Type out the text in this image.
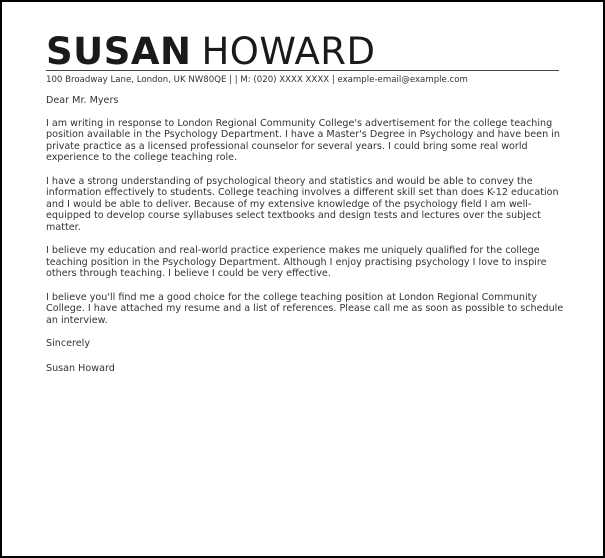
SUSAN HOWARD
100 Broadway Lane, London, UK NW80QE | | M: (020) XXXX XXXX | example-email@example.com

Dear Mr. Myers

I am writing in response to London Regional Community College's advertisement for the college teaching position available in the Psychology Department. I have a Master's Degree in Psychology and have been in private practice as a licensed professional counselor for several years. I could bring some real world experience to the college teaching role.

I have a strong understanding of psychological theory and statistics and would be able to convey the information effectively to students. College teaching involves a different skill set than does K-12 education and I would be able to deliver. Because of my extensive knowledge of the psychology field I am well-equipped to develop course syllabuses select textbooks and design tests and lectures over the subject matter.

I believe my education and real-world practice experience makes me uniquely qualified for the college teaching position in the Psychology Department. Although I enjoy practising psychology I love to inspire others through teaching. I believe I could be very effective.

I believe you'll find me a good choice for the college teaching position at London Regional Community College. I have attached my resume and a list of references. Please call me as soon as possible to schedule an interview.

Sincerely

Susan Howard
